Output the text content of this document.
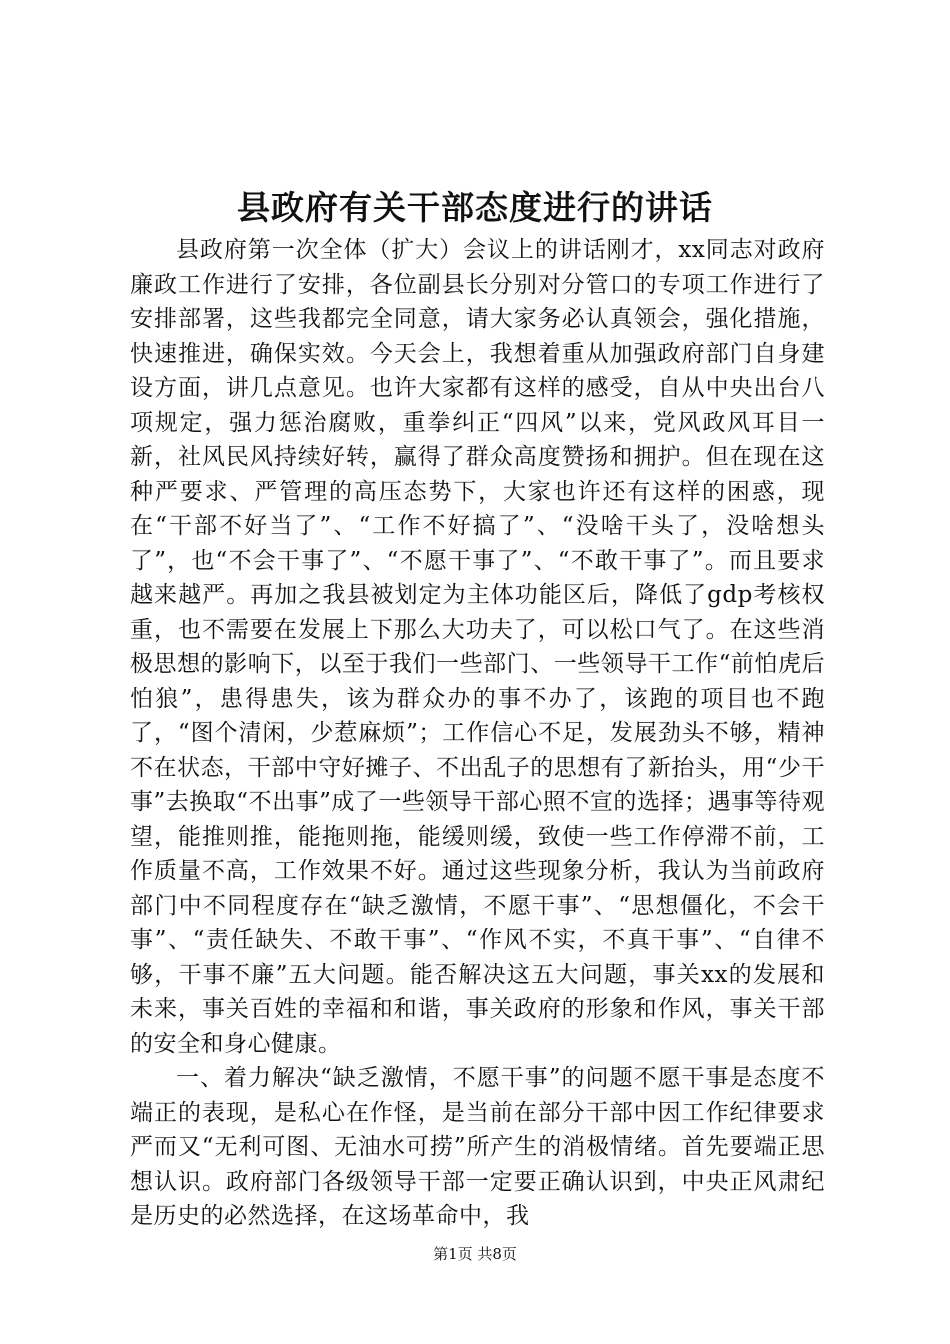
县政府有关干部态度进行的讲话

县政府第一次全体（扩大）会议上的讲话刚才，xx同志对政府廉政工作进行了安排，各位副县长分别对分管口的专项工作进行了安排部署，这些我都完全同意，请大家务必认真领会，强化措施，快速推进，确保实效。今天会上，我想着重从加强政府部门自身建设方面，讲几点意见。也许大家都有这样的感受，自从中央出台八项规定，强力惩治腐败，重拳纠正“四风”以来，党风政风耳目一新，社风民风持续好转，赢得了群众高度赞扬和拥护。但在现在这种严要求、严管理的高压态势下，大家也许还有这样的困惑，现在“干部不好当了”、“工作不好搞了”、“没啥干头了，没啥想头了”，也“不会干事了”、“不愿干事了”、“不敢干事了”。而且要求越来越严。再加之我县被划定为主体功能区后，降低了gdp考核权重，也不需要在发展上下那么大功夫了，可以松口气了。在这些消极思想的影响下，以至于我们一些部门、一些领导干工作“前怕虎后怕狼”，患得患失，该为群众办的事不办了，该跑的项目也不跑了，“图个清闲，少惹麻烦”；工作信心不足，发展劲头不够，精神不在状态，干部中守好摊子、不出乱子的思想有了新抬头，用“少干事”去换取“不出事”成了一些领导干部心照不宣的选择；遇事等待观望，能推则推，能拖则拖，能缓则缓，致使一些工作停滞不前，工作质量不高，工作效果不好。通过这些现象分析，我认为当前政府部门中不同程度存在“缺乏激情，不愿干事”、“思想僵化，不会干事”、“责任缺失、不敢干事”、“作风不实，不真干事”、“自律不够，干事不廉”五大问题。能否解决这五大问题，事关xx的发展和未来，事关百姓的幸福和和谐，事关政府的形象和作风，事关干部的安全和身心健康。

一、着力解决“缺乏激情，不愿干事”的问题不愿干事是态度不端正的表现，是私心在作怪，是当前在部分干部中因工作纪律要求严而又“无利可图、无油水可捞”所产生的消极情绪。首先要端正思想认识。政府部门各级领导干部一定要正确认识到，中央正风肃纪是历史的必然选择，在这场革命中，我

第1页 共8页
